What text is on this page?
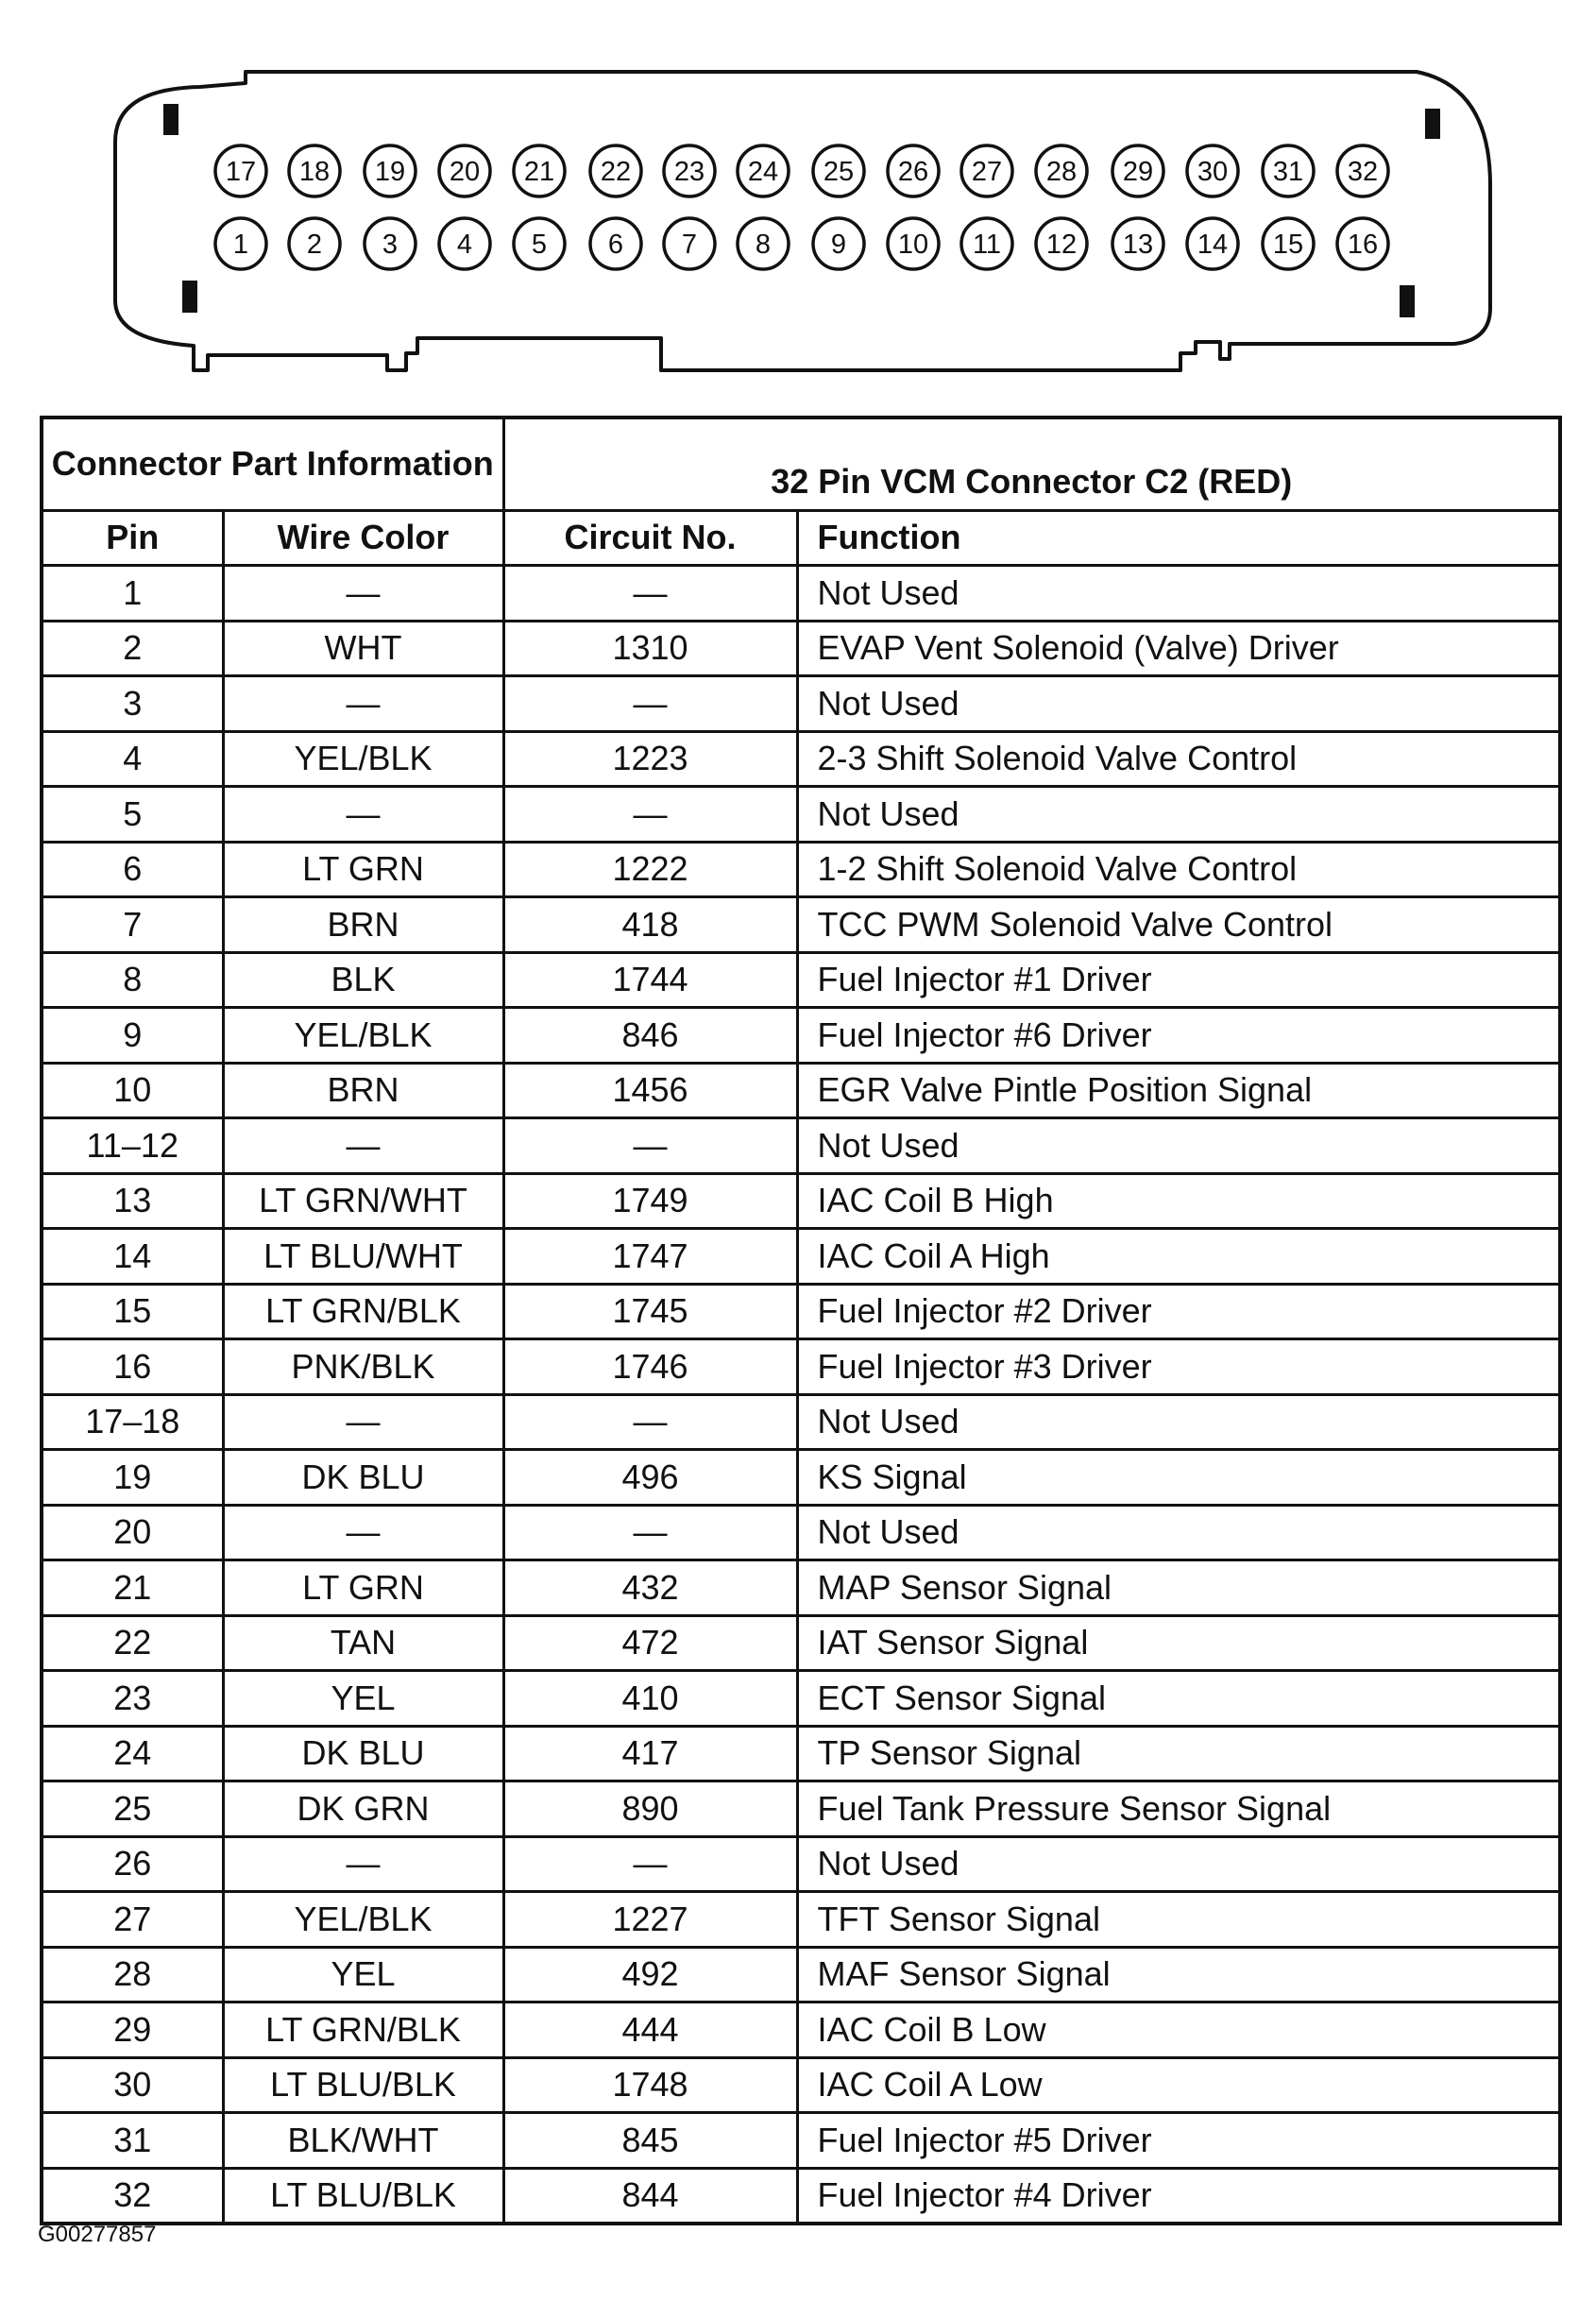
17 18 19 20 21 22 23 24 25 26 27 28 29 30 31 32
1 2 3 4 5 6 7 8 9 10 11 12 13 14 15 16
Connector Part Information		32 Pin VCM Connector C2 (RED)	
Pin	Wire Color	Circuit No.	Function
1	—	—	Not Used
2	WHT	1310	EVAP Vent Solenoid (Valve) Driver
3	—	—	Not Used
4	YEL/BLK	1223	2-3 Shift Solenoid Valve Control
5	—	—	Not Used
6	LT GRN	1222	1-2 Shift Solenoid Valve Control
7	BRN	418	TCC PWM Solenoid Valve Control
8	BLK	1744	Fuel Injector #1 Driver
9	YEL/BLK	846	Fuel Injector #6 Driver
10	BRN	1456	EGR Valve Pintle Position Signal
11–12	—	—	Not Used
13	LT GRN/WHT	1749	IAC Coil B High
14	LT BLU/WHT	1747	IAC Coil A High
15	LT GRN/BLK	1745	Fuel Injector #2 Driver
16	PNK/BLK	1746	Fuel Injector #3 Driver
17–18	—	—	Not Used
19	DK BLU	496	KS Signal
20	—	—	Not Used
21	LT GRN	432	MAP Sensor Signal
22	TAN	472	IAT Sensor Signal
23	YEL	410	ECT Sensor Signal
24	DK BLU	417	TP Sensor Signal
25	DK GRN	890	Fuel Tank Pressure Sensor Signal
26	—	—	Not Used
27	YEL/BLK	1227	TFT Sensor Signal
28	YEL	492	MAF Sensor Signal
29	LT GRN/BLK	444	IAC Coil B Low
30	LT BLU/BLK	1748	IAC Coil A Low
31	BLK/WHT	845	Fuel Injector #5 Driver
32	LT BLU/BLK	844	Fuel Injector #4 Driver
G00277857
